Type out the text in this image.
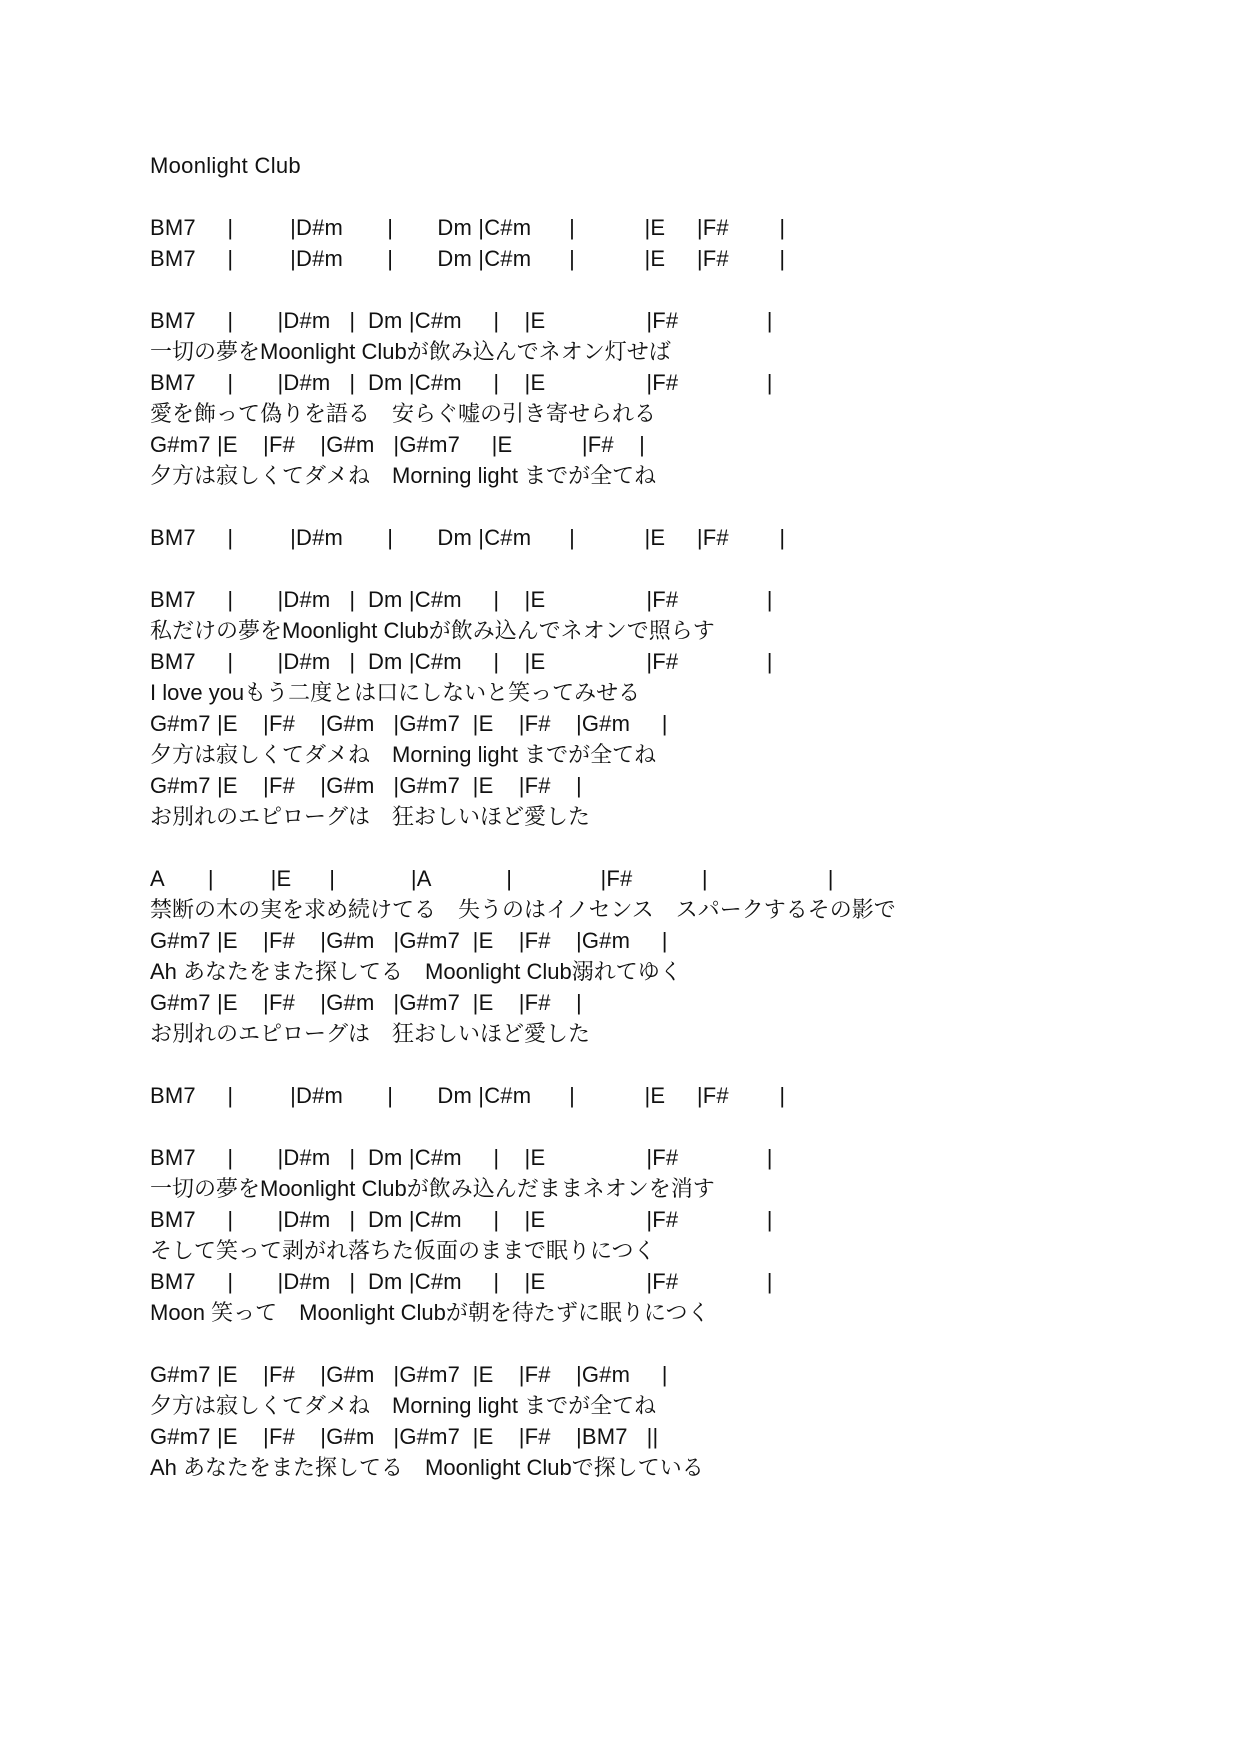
Moonlight Club
BM7     |         |D#m       |       Dm |C#m      |           |E     |F#        |
BM7     |         |D#m       |       Dm |C#m      |           |E     |F#        |
BM7     |       |D#m   |  Dm |C#m     |    |E                |F#              |
一切の夢をMoonlight Clubが飲み込んでネオン灯せば
BM7     |       |D#m   |  Dm |C#m     |    |E                |F#              |
愛を飾って偽りを語る　安らぐ嘘の引き寄せられる
G#m7 |E    |F#    |G#m   |G#m7     |E           |F#    |
夕方は寂しくてダメね　Morning light までが全てね
BM7     |         |D#m       |       Dm |C#m      |           |E     |F#        |
BM7     |       |D#m   |  Dm |C#m     |    |E                |F#              |
私だけの夢をMoonlight Clubが飲み込んでネオンで照らす
BM7     |       |D#m   |  Dm |C#m     |    |E                |F#              |
I love youもう二度とは口にしないと笑ってみせる
G#m7 |E    |F#    |G#m   |G#m7  |E    |F#    |G#m     |
夕方は寂しくてダメね　Morning light までが全てね
G#m7 |E    |F#    |G#m   |G#m7  |E    |F#    |
お別れのエピローグは　狂おしいほど愛した
A       |         |E      |            |A            |              |F#           |                   |
禁断の木の実を求め続けてる　失うのはイノセンス　スパークするその影で
G#m7 |E    |F#    |G#m   |G#m7  |E    |F#    |G#m     |
Ah あなたをまた探してる　Moonlight Club溺れてゆく
G#m7 |E    |F#    |G#m   |G#m7  |E    |F#    |
お別れのエピローグは　狂おしいほど愛した
BM7     |         |D#m       |       Dm |C#m      |           |E     |F#        |
BM7     |       |D#m   |  Dm |C#m     |    |E                |F#              |
一切の夢をMoonlight Clubが飲み込んだままネオンを消す
BM7     |       |D#m   |  Dm |C#m     |    |E                |F#              |
そして笑って剥がれ落ちた仮面のままで眠りにつく
BM7     |       |D#m   |  Dm |C#m     |    |E                |F#              |
Moon 笑って　Moonlight Clubが朝を待たずに眠りにつく
G#m7 |E    |F#    |G#m   |G#m7  |E    |F#    |G#m     |
夕方は寂しくてダメね　Morning light までが全てね
G#m7 |E    |F#    |G#m   |G#m7  |E    |F#    |BM7   ||
Ah あなたをまた探してる　Moonlight Clubで探している
